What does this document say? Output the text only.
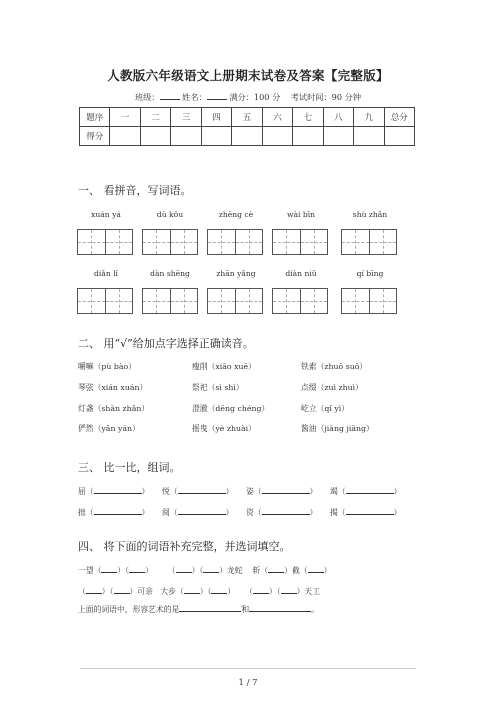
人教版六年级语文上册期末试卷及答案【完整版】
班级：	姓名：	满分：100 分 考试时间：90 分钟
题序	一	二	三	四	五	六	七	八	九	总分
得分										
一、 看拼音，写词语。
xuán yá	dù kǒu	zhēng cè	wài bīn	shù zhǎn
diǎn lǐ	dàn shēng	zhān yǎng	diàn niǔ	qí bīng
二、 用“√”给加点字选择正确读音。
嚼嘛（pù bào）	瘦削（xiāo xuē）	铁索（zhuō suō）
琴弦（xián xuán）	祭祀（sì shì）	点缀（zuì zhuì）
灯盏（shàn zhǎn）	澄澈（dēng chéng）	屹立（qǐ yì）
俨然（yǎn yán）	摇曳（yè zhuài）	酱油（jiàng jiāng）
三、 比一比，组词。
屈（	） 悦（	） 姿（	） 竭（	）
拙（	） 阅（	） 资（	） 揭（	）
四、 将下面的词语补充完整，并选词填空。
一望（ ）（ ） （ ）（ ）龙蛇 斩（ ）截（ ）
（ ）（ ）可亲 大步（ ）（ ） （ ）（ ）天工
上面的词语中，形容艺术的是	和	。
1 / 7
